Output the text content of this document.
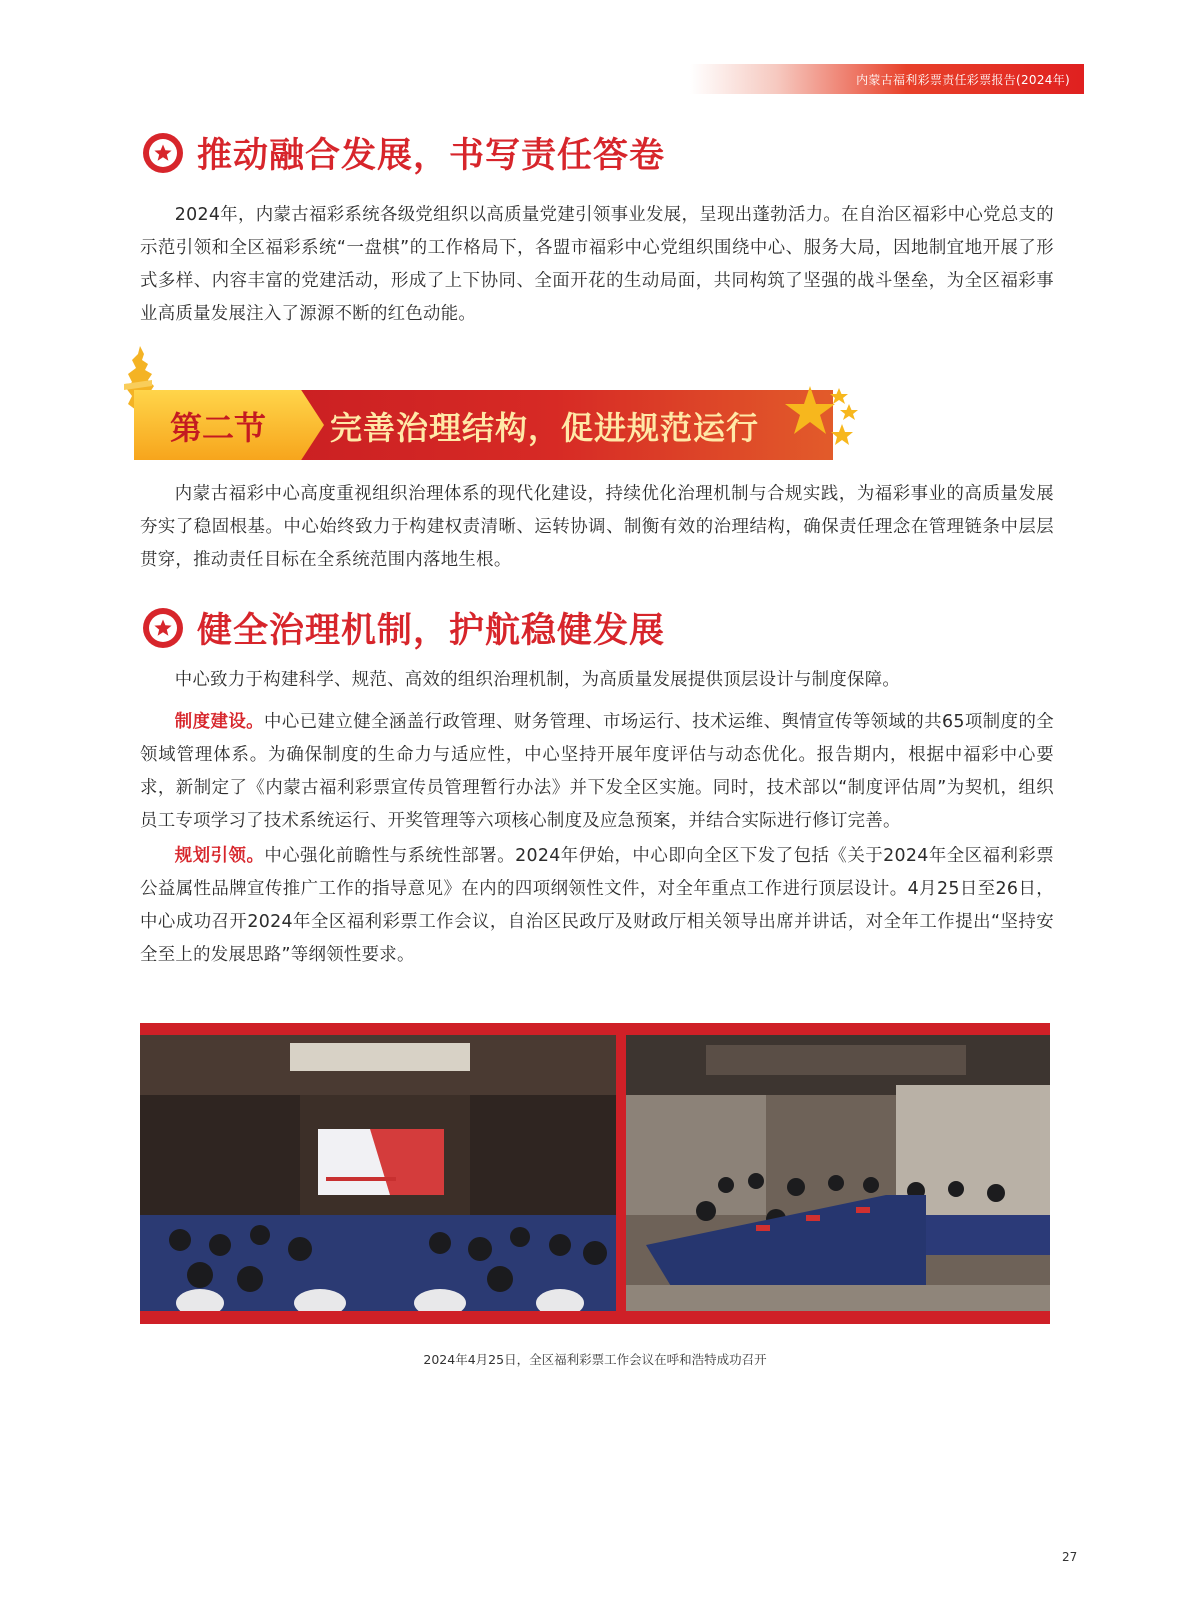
内蒙古福利彩票责任彩票报告(2024年)
推动融合发展，书写责任答卷

2024年，内蒙古福彩系统各级党组织以高质量党建引领事业发展，呈现出蓬勃活力。在自治区福彩中心党总支的示范引领和全区福彩系统“一盘棋”的工作格局下，各盟市福彩中心党组织围绕中心、服务大局，因地制宜地开展了形式多样、内容丰富的党建活动，形成了上下协同、全面开花的生动局面，共同构筑了坚强的战斗堡垒，为全区福彩事业高质量发展注入了源源不断的红色动能。

第二节 完善治理结构，促进规范运行

内蒙古福彩中心高度重视组织治理体系的现代化建设，持续优化治理机制与合规实践，为福彩事业的高质量发展夯实了稳固根基。中心始终致力于构建权责清晰、运转协调、制衡有效的治理结构，确保责任理念在管理链条中层层贯穿，推动责任目标在全系统范围内落地生根。

健全治理机制，护航稳健发展

中心致力于构建科学、规范、高效的组织治理机制，为高质量发展提供顶层设计与制度保障。

制度建设。中心已建立健全涵盖行政管理、财务管理、市场运行、技术运维、舆情宣传等领域的共65项制度的全领域管理体系。为确保制度的生命力与适应性，中心坚持开展年度评估与动态优化。报告期内，根据中福彩中心要求，新制定了《内蒙古福利彩票宣传员管理暂行办法》并下发全区实施。同时，技术部以“制度评估周”为契机，组织员工专项学习了技术系统运行、开奖管理等六项核心制度及应急预案，并结合实际进行修订完善。

规划引领。中心强化前瞻性与系统性部署。2024年伊始，中心即向全区下发了包括《关于2024年全区福利彩票公益属性品牌宣传推广工作的指导意见》在内的四项纲领性文件，对全年重点工作进行顶层设计。4月25日至26日，中心成功召开2024年全区福利彩票工作会议，自治区民政厅及财政厅相关领导出席并讲话，对全年工作提出“坚持安全至上的发展思路”等纲领性要求。

2024年4月25日，全区福利彩票工作会议在呼和浩特成功召开
27
